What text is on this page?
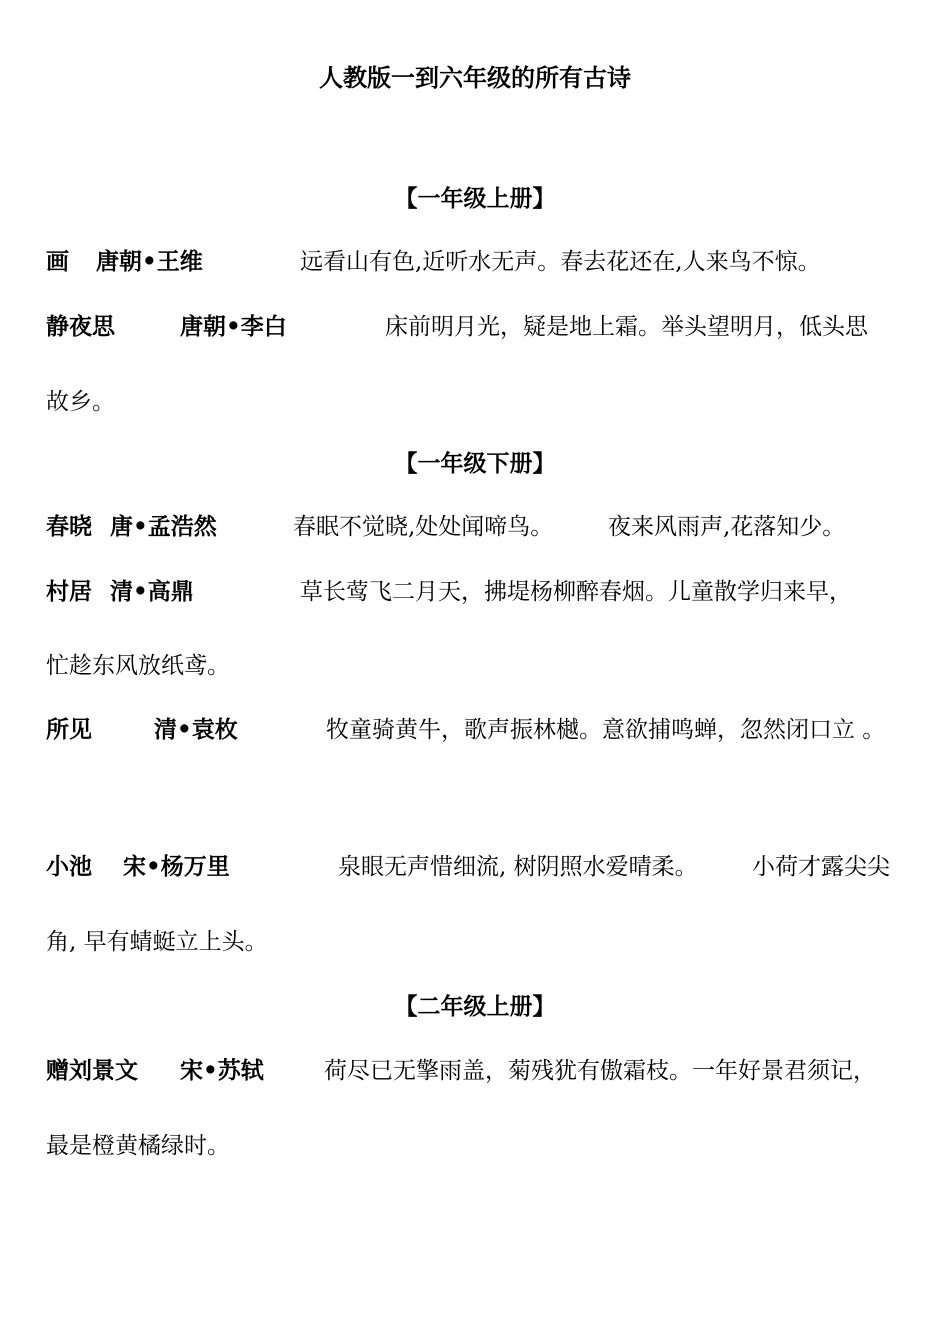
人教版一到六年级的所有古诗
【一年级上册】
画 唐朝•王维	远看山有色,近听水无声。春去花还在,人来鸟不惊。
静夜思	唐朝•李白	床前明月光，疑是地上霜。举头望明月，低头思
故乡。
【一年级下册】
春晓 唐•孟浩然	春眠不觉晓,处处闻啼鸟。 夜来风雨声,花落知少。
村居 清•高鼎	草长莺飞二月天，拂堤杨柳醉春烟。儿童散学归来早，
忙趁东风放纸鸢。
所见	清•袁枚	牧童骑黄牛，歌声振林樾。意欲捕鸣蝉，忽然闭口立 。
小池 宋•杨万里	泉眼无声惜细流, 树阴照水爱晴柔。 小荷才露尖尖
角, 早有蜻蜓立上头。
【二年级上册】
赠刘景文 宋•苏轼	荷尽已无擎雨盖，菊残犹有傲霜枝。一年好景君须记，
最是橙黄橘绿时。
